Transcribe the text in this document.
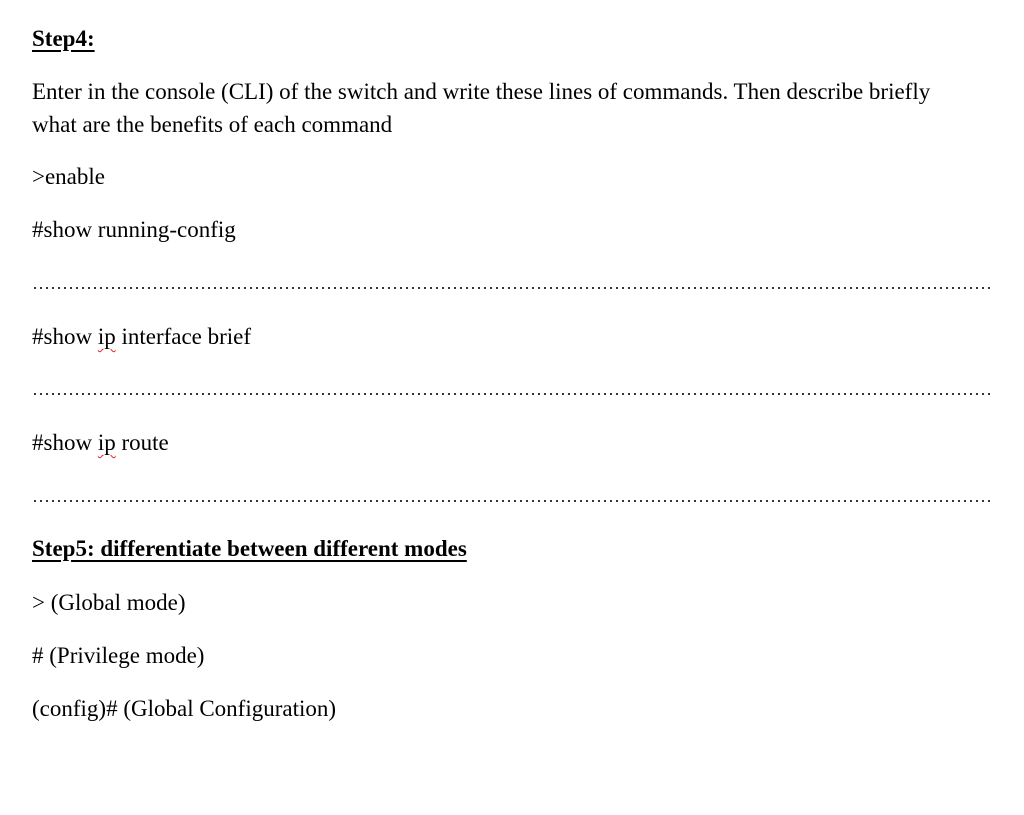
Step4:
Enter in the console (CLI) of the switch and write these lines of commands. Then describe briefly what are the benefits of each command
>enable
#show running-config
#show ip interface brief
#show ip route
Step5: differentiate between different modes
> (Global mode)
# (Privilege mode)
(config)# (Global Configuration)
